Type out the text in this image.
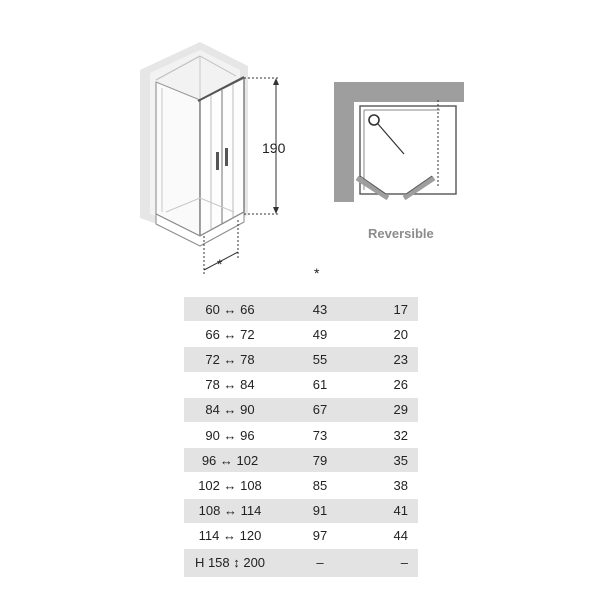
190
Reversible
*
*
60 ↔ 66	43	17
66 ↔ 72	49	20
72 ↔ 78	55	23
78 ↔ 84	61	26
84 ↔ 90	67	29
90 ↔ 96	73	32
96 ↔ 102	79	35
102 ↔ 108	85	38
108 ↔ 114	91	41
114 ↔ 120	97	44
H 158 ↕ 200	–	–
